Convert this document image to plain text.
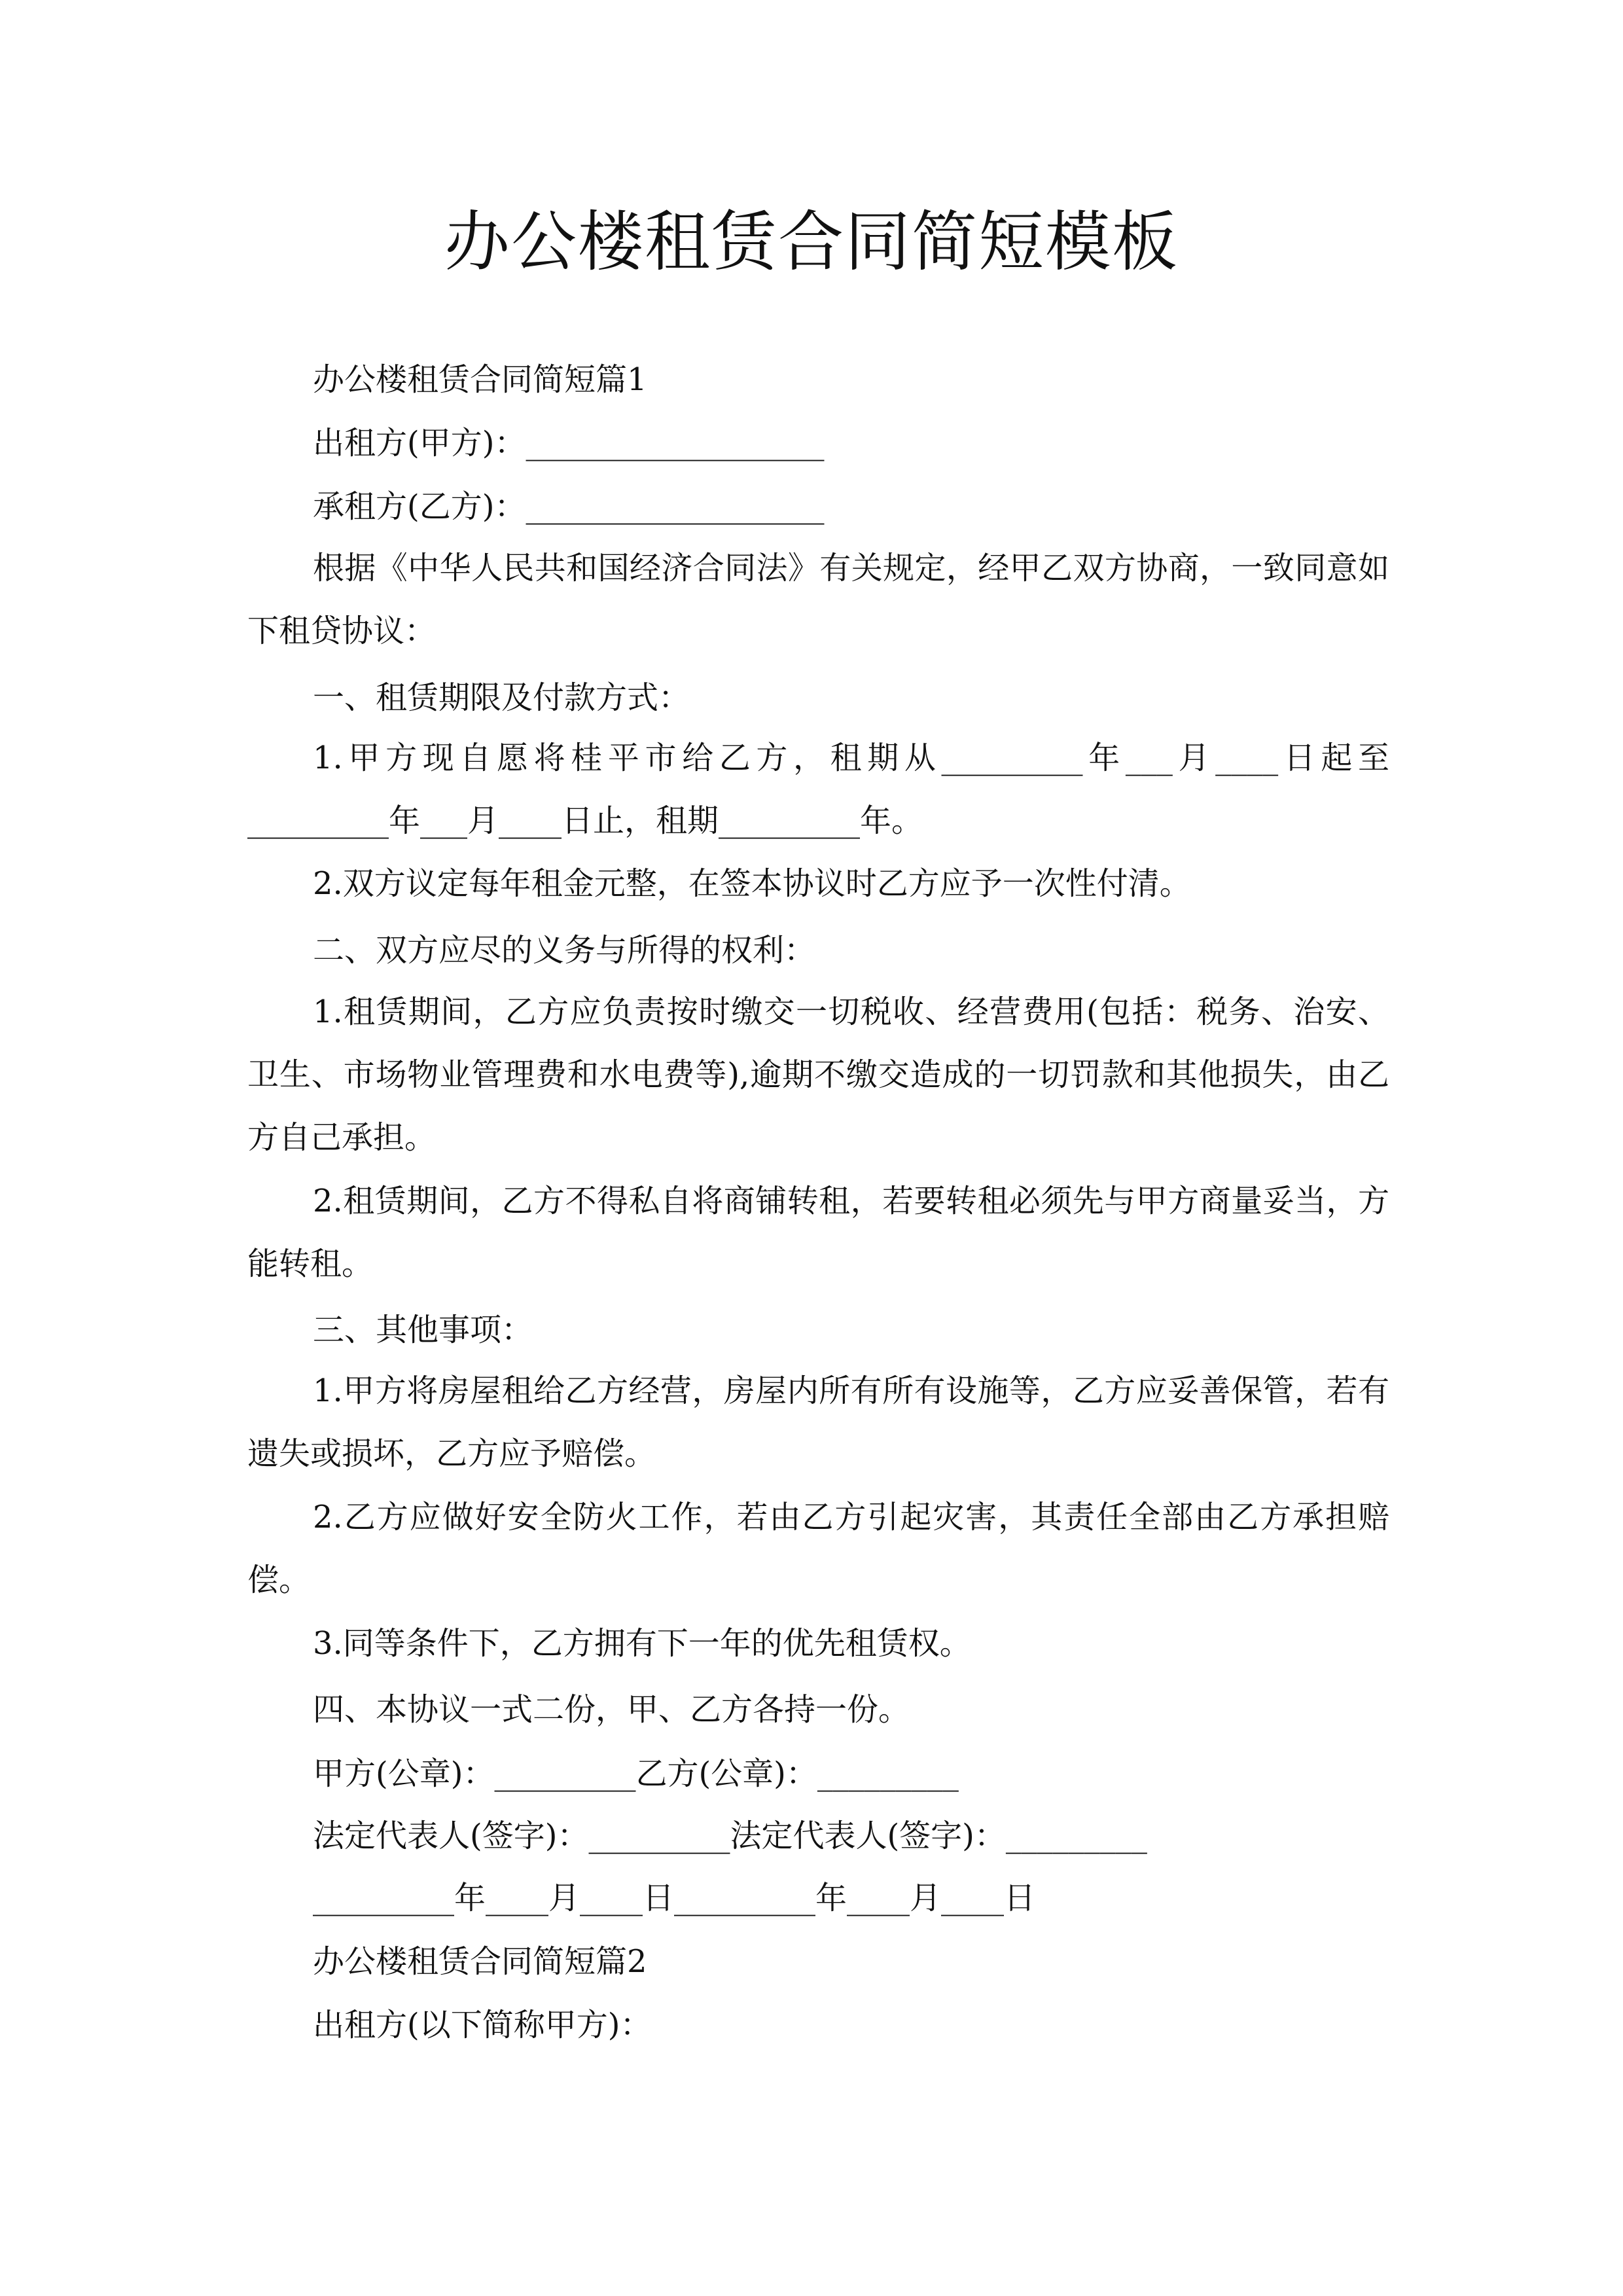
办公楼租赁合同简短模板
办公楼租赁合同简短篇1
出租方(甲方)：___________________
承租方(乙方)：___________________
根据《中华人民共和国经济合同法》有关规定，经甲乙双方协商，一致同意如下租贷协议：
一、租赁期限及付款方式：
1.甲方现自愿将桂平市给乙方，租期从_________年___月____日起至_________年___月____日止，租期_________年。
2.双方议定每年租金元整，在签本协议时乙方应予一次性付清。
二、双方应尽的义务与所得的权利：
1.租赁期间，乙方应负责按时缴交一切税收、经营费用(包括：税务、治安、卫生、市场物业管理费和水电费等),逾期不缴交造成的一切罚款和其他损失，由乙方自己承担。
2.租赁期间，乙方不得私自将商铺转租，若要转租必须先与甲方商量妥当，方能转租。
三、其他事项：
1.甲方将房屋租给乙方经营，房屋内所有所有设施等，乙方应妥善保管，若有遗失或损坏，乙方应予赔偿。
2.乙方应做好安全防火工作，若由乙方引起灾害，其责任全部由乙方承担赔偿。
3.同等条件下，乙方拥有下一年的优先租赁权。
四、本协议一式二份，甲、乙方各持一份。
甲方(公章)：_________乙方(公章)：_________
法定代表人(签字)：_________法定代表人(签字)：_________
_________年____月____日_________年____月____日
办公楼租赁合同简短篇2
出租方(以下简称甲方)：
